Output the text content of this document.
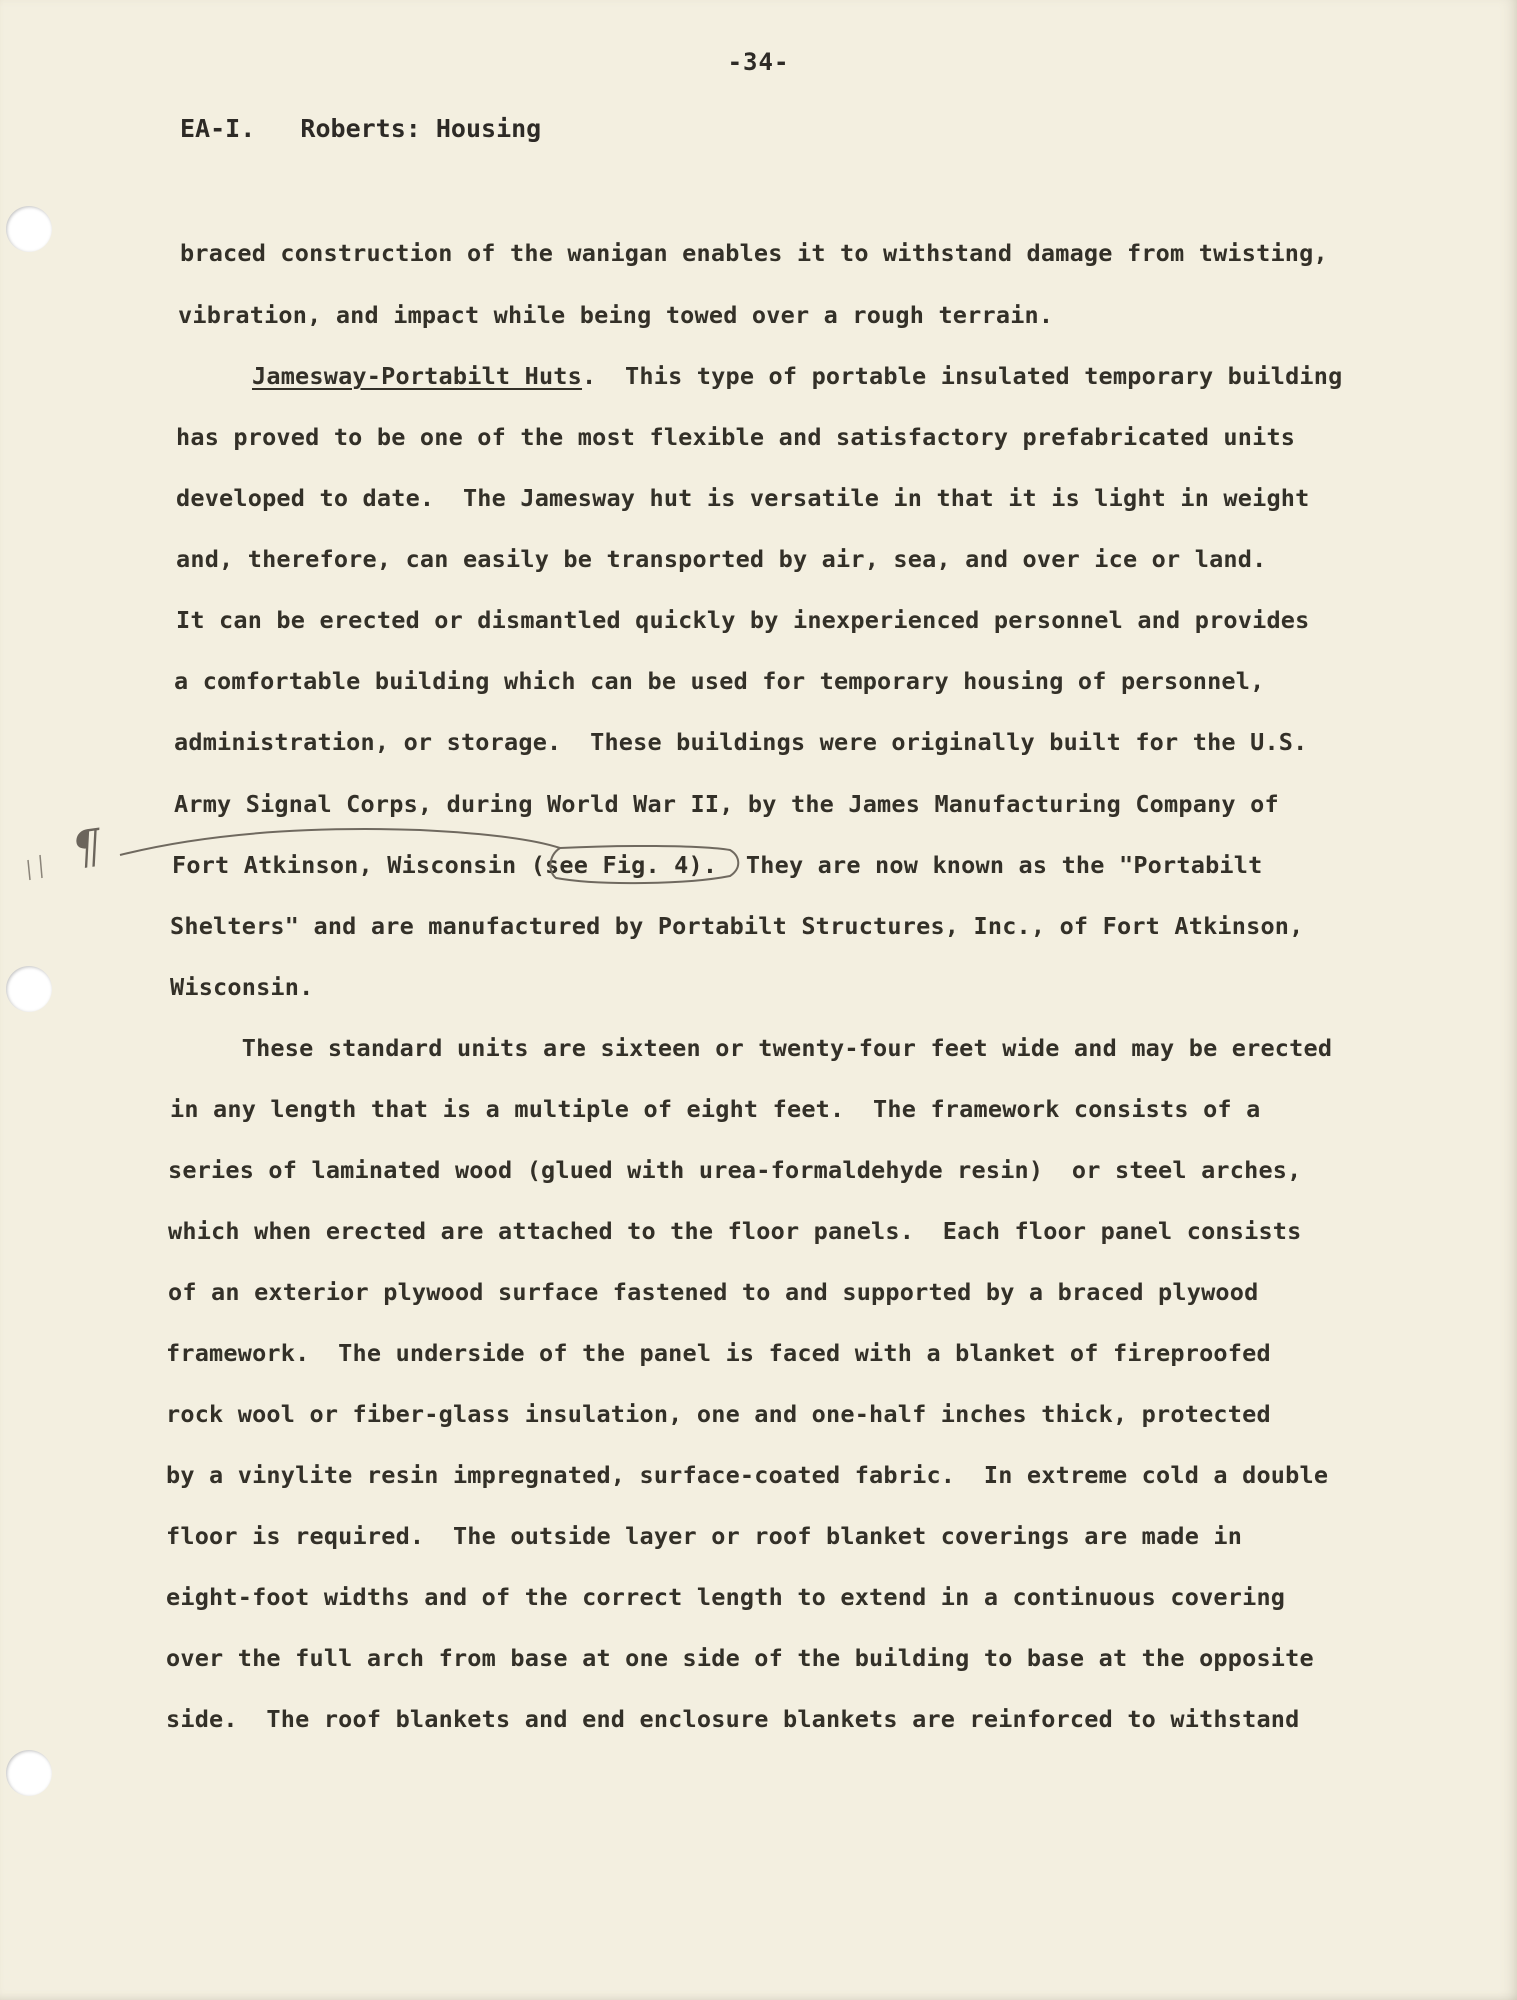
-34-
EA-I.   Roberts: Housing
braced construction of the wanigan enables it to withstand damage from twisting,
vibration, and impact while being towed over a rough terrain.
Jamesway-Portabilt Huts.  This type of portable insulated temporary building
has proved to be one of the most flexible and satisfactory prefabricated units
developed to date.  The Jamesway hut is versatile in that it is light in weight
and, therefore, can easily be transported by air, sea, and over ice or land.
It can be erected or dismantled quickly by inexperienced personnel and provides
a comfortable building which can be used for temporary housing of personnel,
administration, or storage.  These buildings were originally built for the U.S.
Army Signal Corps, during World War II, by the James Manufacturing Company of
Fort Atkinson, Wisconsin (see Fig. 4).  They are now known as the "Portabilt
Shelters" and are manufactured by Portabilt Structures, Inc., of Fort Atkinson,
Wisconsin.
These standard units are sixteen or twenty-four feet wide and may be erected
in any length that is a multiple of eight feet.  The framework consists of a
series of laminated wood (glued with urea-formaldehyde resin)  or steel arches,
which when erected are attached to the floor panels.  Each floor panel consists
of an exterior plywood surface fastened to and supported by a braced plywood
framework.  The underside of the panel is faced with a blanket of fireproofed
rock wool or fiber-glass insulation, one and one-half inches thick, protected
by a vinylite resin impregnated, surface-coated fabric.  In extreme cold a double
floor is required.  The outside layer or roof blanket coverings are made in
eight-foot widths and of the correct length to extend in a continuous covering
over the full arch from base at one side of the building to base at the opposite
side.  The roof blankets and end enclosure blankets are reinforced to withstand
¶
